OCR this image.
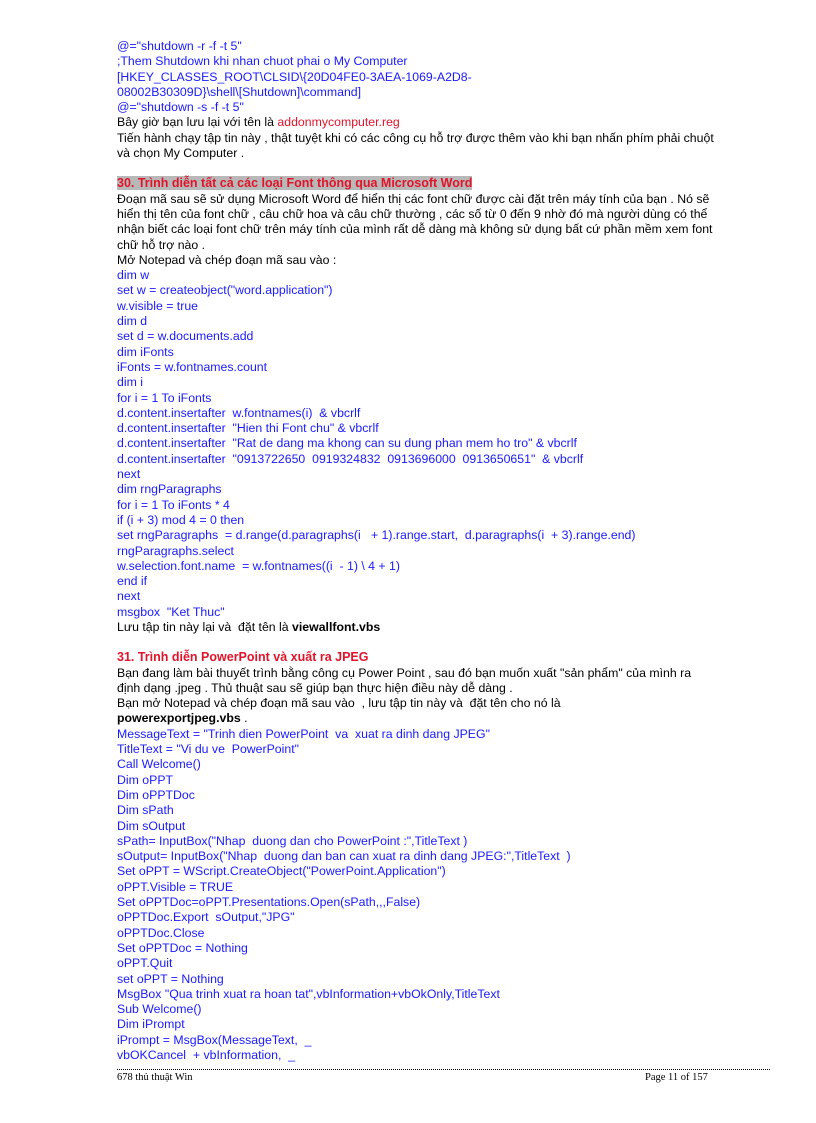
@="shutdown -r -f -t 5"
;Them Shutdown khi nhan chuot phai o My Computer
[HKEY_CLASSES_ROOT\CLSID\{20D04FE0-3AEA-1069-A2D8-
08002B30309D}\shell\[Shutdown]\command]
@="shutdown -s -f -t 5"
Bây giờ bạn lưu lại với tên là addonmycomputer.reg
Tiến hành chạy tập tin này , thật tuyệt khi có các công cụ hỗ trợ được thêm vào khi bạn nhấn phím phải chuột và chọn My Computer .
30. Trình diễn tất cả các loại Font thông qua Microsoft Word
Đoạn mã sau sẽ sử dụng Microsoft Word để hiển thị các font chữ được cài đặt trên máy tính của bạn . Nó sẽ hiển thị tên của font chữ , câu chữ hoa và câu chữ thường , các số từ 0 đến 9 nhờ đó mà người dùng có thể nhận biết các loại font chữ trên máy tính của mình rất dễ dàng mà không sử dụng bất cứ phần mềm xem font chữ hỗ trợ nào .
Mở Notepad và chép đoạn mã sau vào :
dim w
set w = createobject("word.application")
w.visible = true
dim d
set d = w.documents.add
dim iFonts
iFonts = w.fontnames.count
dim i
for i = 1 To iFonts
d.content.insertafter  w.fontnames(i)  & vbcrlf
d.content.insertafter  "Hien thi Font chu" & vbcrlf
d.content.insertafter  "Rat de dang ma khong can su dung phan mem ho tro" & vbcrlf
d.content.insertafter  "0913722650  0919324832  0913696000  0913650651"  & vbcrlf
next
dim rngParagraphs
for i = 1 To iFonts * 4
if (i + 3) mod 4 = 0 then
set rngParagraphs  = d.range(d.paragraphs(i   + 1).range.start,  d.paragraphs(i  + 3).range.end)
rngParagraphs.select
w.selection.font.name  = w.fontnames((i  - 1) \ 4 + 1)
end if
next
msgbox  "Ket Thuc"
Lưu tập tin này lại và  đặt tên là viewallfont.vbs
31. Trình diễn PowerPoint và xuất ra JPEG
Bạn đang làm bài thuyết trình bằng công cụ Power Point , sau đó bạn muốn xuất "sản phẩm" của mình ra định dạng .jpeg . Thủ thuật sau sẽ giúp bạn thực hiện điều này dễ dàng .
Bạn mở Notepad và chép đoạn mã sau vào  , lưu tập tin này và  đặt tên cho nó là
powerexportjpeg.vbs .
MessageText = "Trinh dien PowerPoint  va  xuat ra dinh dang JPEG"
TitleText = "Vi du ve  PowerPoint"
Call Welcome()
Dim oPPT
Dim oPPTDoc
Dim sPath
Dim sOutput
sPath= InputBox("Nhap  duong dan cho PowerPoint :",TitleText )
sOutput= InputBox("Nhap  duong dan ban can xuat ra dinh dang JPEG:",TitleText  )
Set oPPT = WScript.CreateObject("PowerPoint.Application")
oPPT.Visible = TRUE
Set oPPTDoc=oPPT.Presentations.Open(sPath,,,False)
oPPTDoc.Export  sOutput,"JPG"
oPPTDoc.Close
Set oPPTDoc = Nothing
oPPT.Quit
set oPPT = Nothing
MsgBox "Qua trinh xuat ra hoan tat",vbInformation+vbOkOnly,TitleText
Sub Welcome()
Dim iPrompt
iPrompt = MsgBox(MessageText,  _
vbOKCancel  + vbInformation,  _
678 thủ thuật Win	Page 11 of 157
